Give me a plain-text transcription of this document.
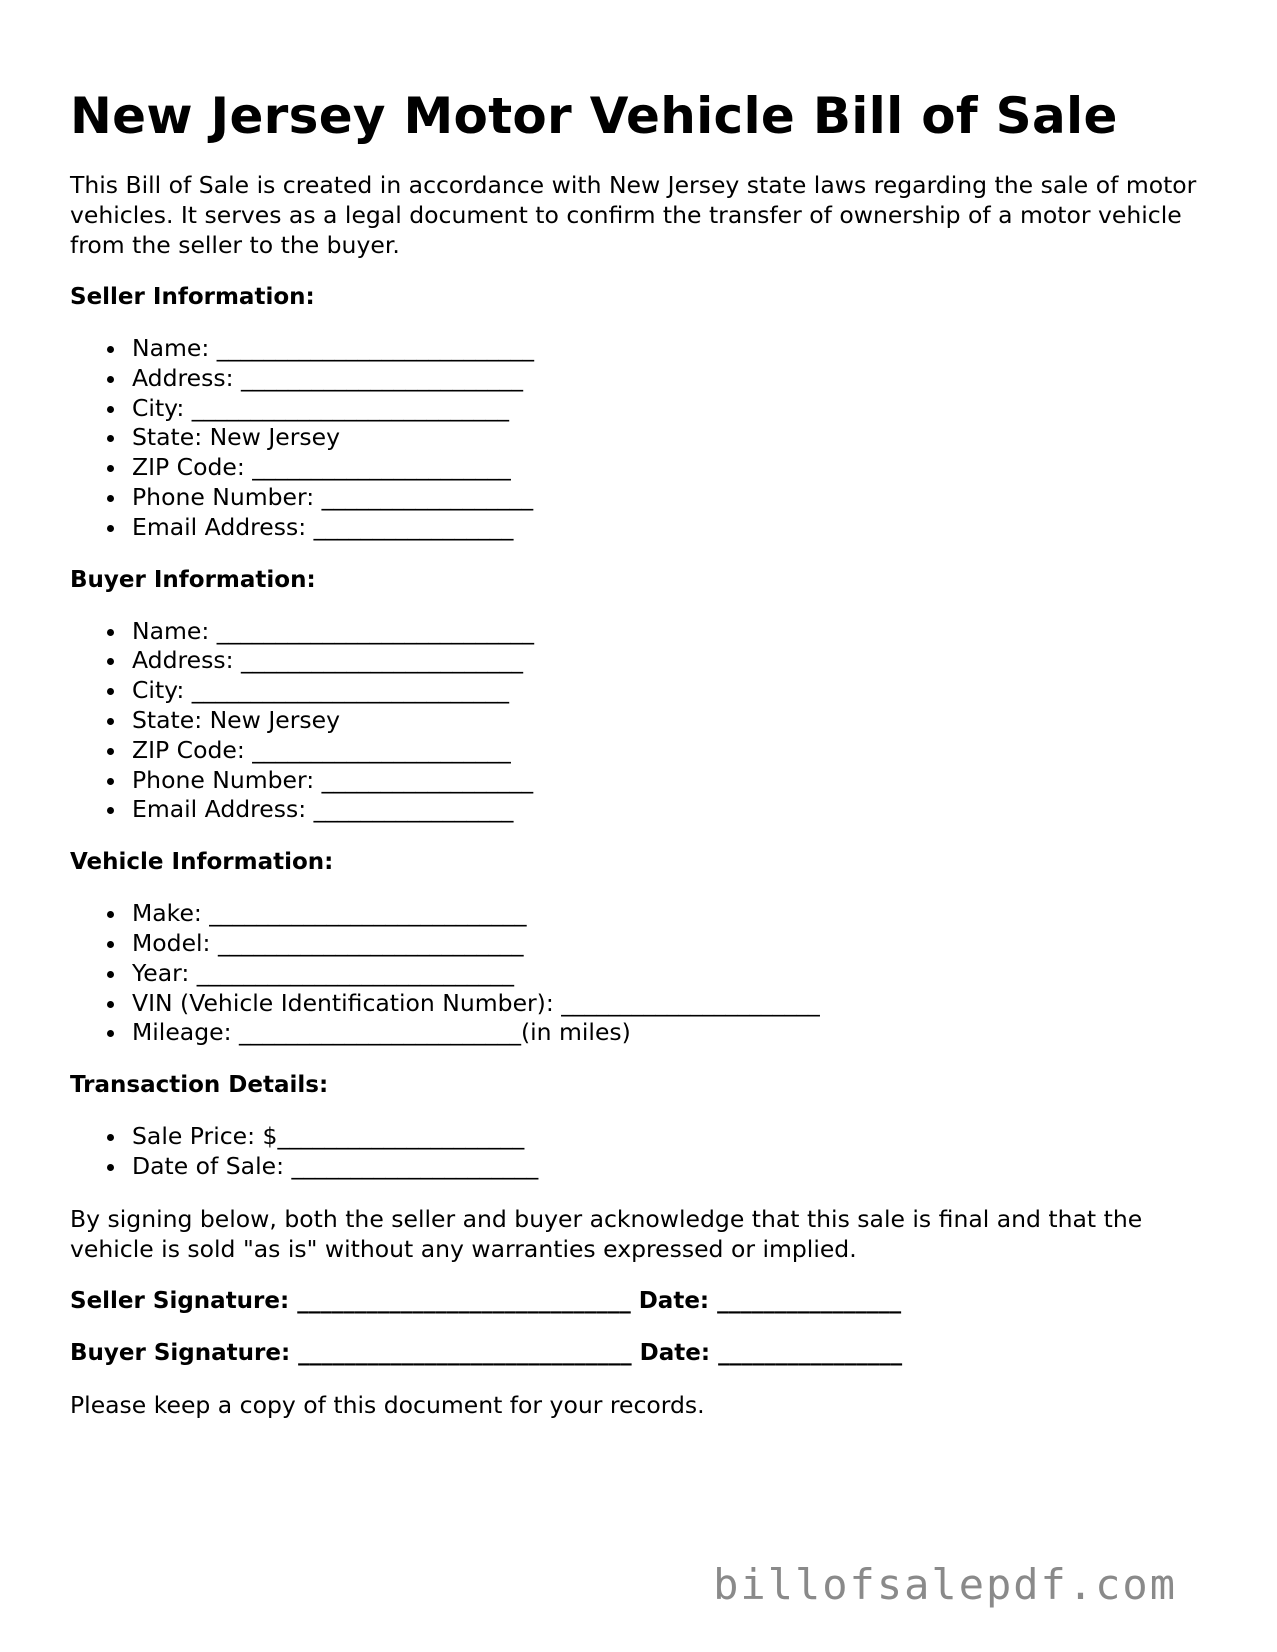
New Jersey Motor Vehicle Bill of Sale

This Bill of Sale is created in accordance with New Jersey state laws regarding the sale of motor vehicles. It serves as a legal document to confirm the transfer of ownership of a motor vehicle from the seller to the buyer.

Seller Information:
Name: ___________________________
Address: ________________________
City: ___________________________
State: New Jersey
ZIP Code: ______________________
Phone Number: __________________
Email Address: _________________
Buyer Information:
Name: ___________________________
Address: ________________________
City: ___________________________
State: New Jersey
ZIP Code: ______________________
Phone Number: __________________
Email Address: _________________
Vehicle Information:
Make: ___________________________
Model: __________________________
Year: ___________________________
VIN (Vehicle Identification Number): ______________________
Mileage: ________________________(in miles)
Transaction Details:
Sale Price: $_____________________
Date of Sale: _____________________

By signing below, both the seller and buyer acknowledge that this sale is final and that the vehicle is sold "as is" without any warranties expressed or implied.

Seller Signature: _____________________________ Date: ________________
Buyer Signature: _____________________________ Date: ________________

Please keep a copy of this document for your records.

billofsalepdf.com
